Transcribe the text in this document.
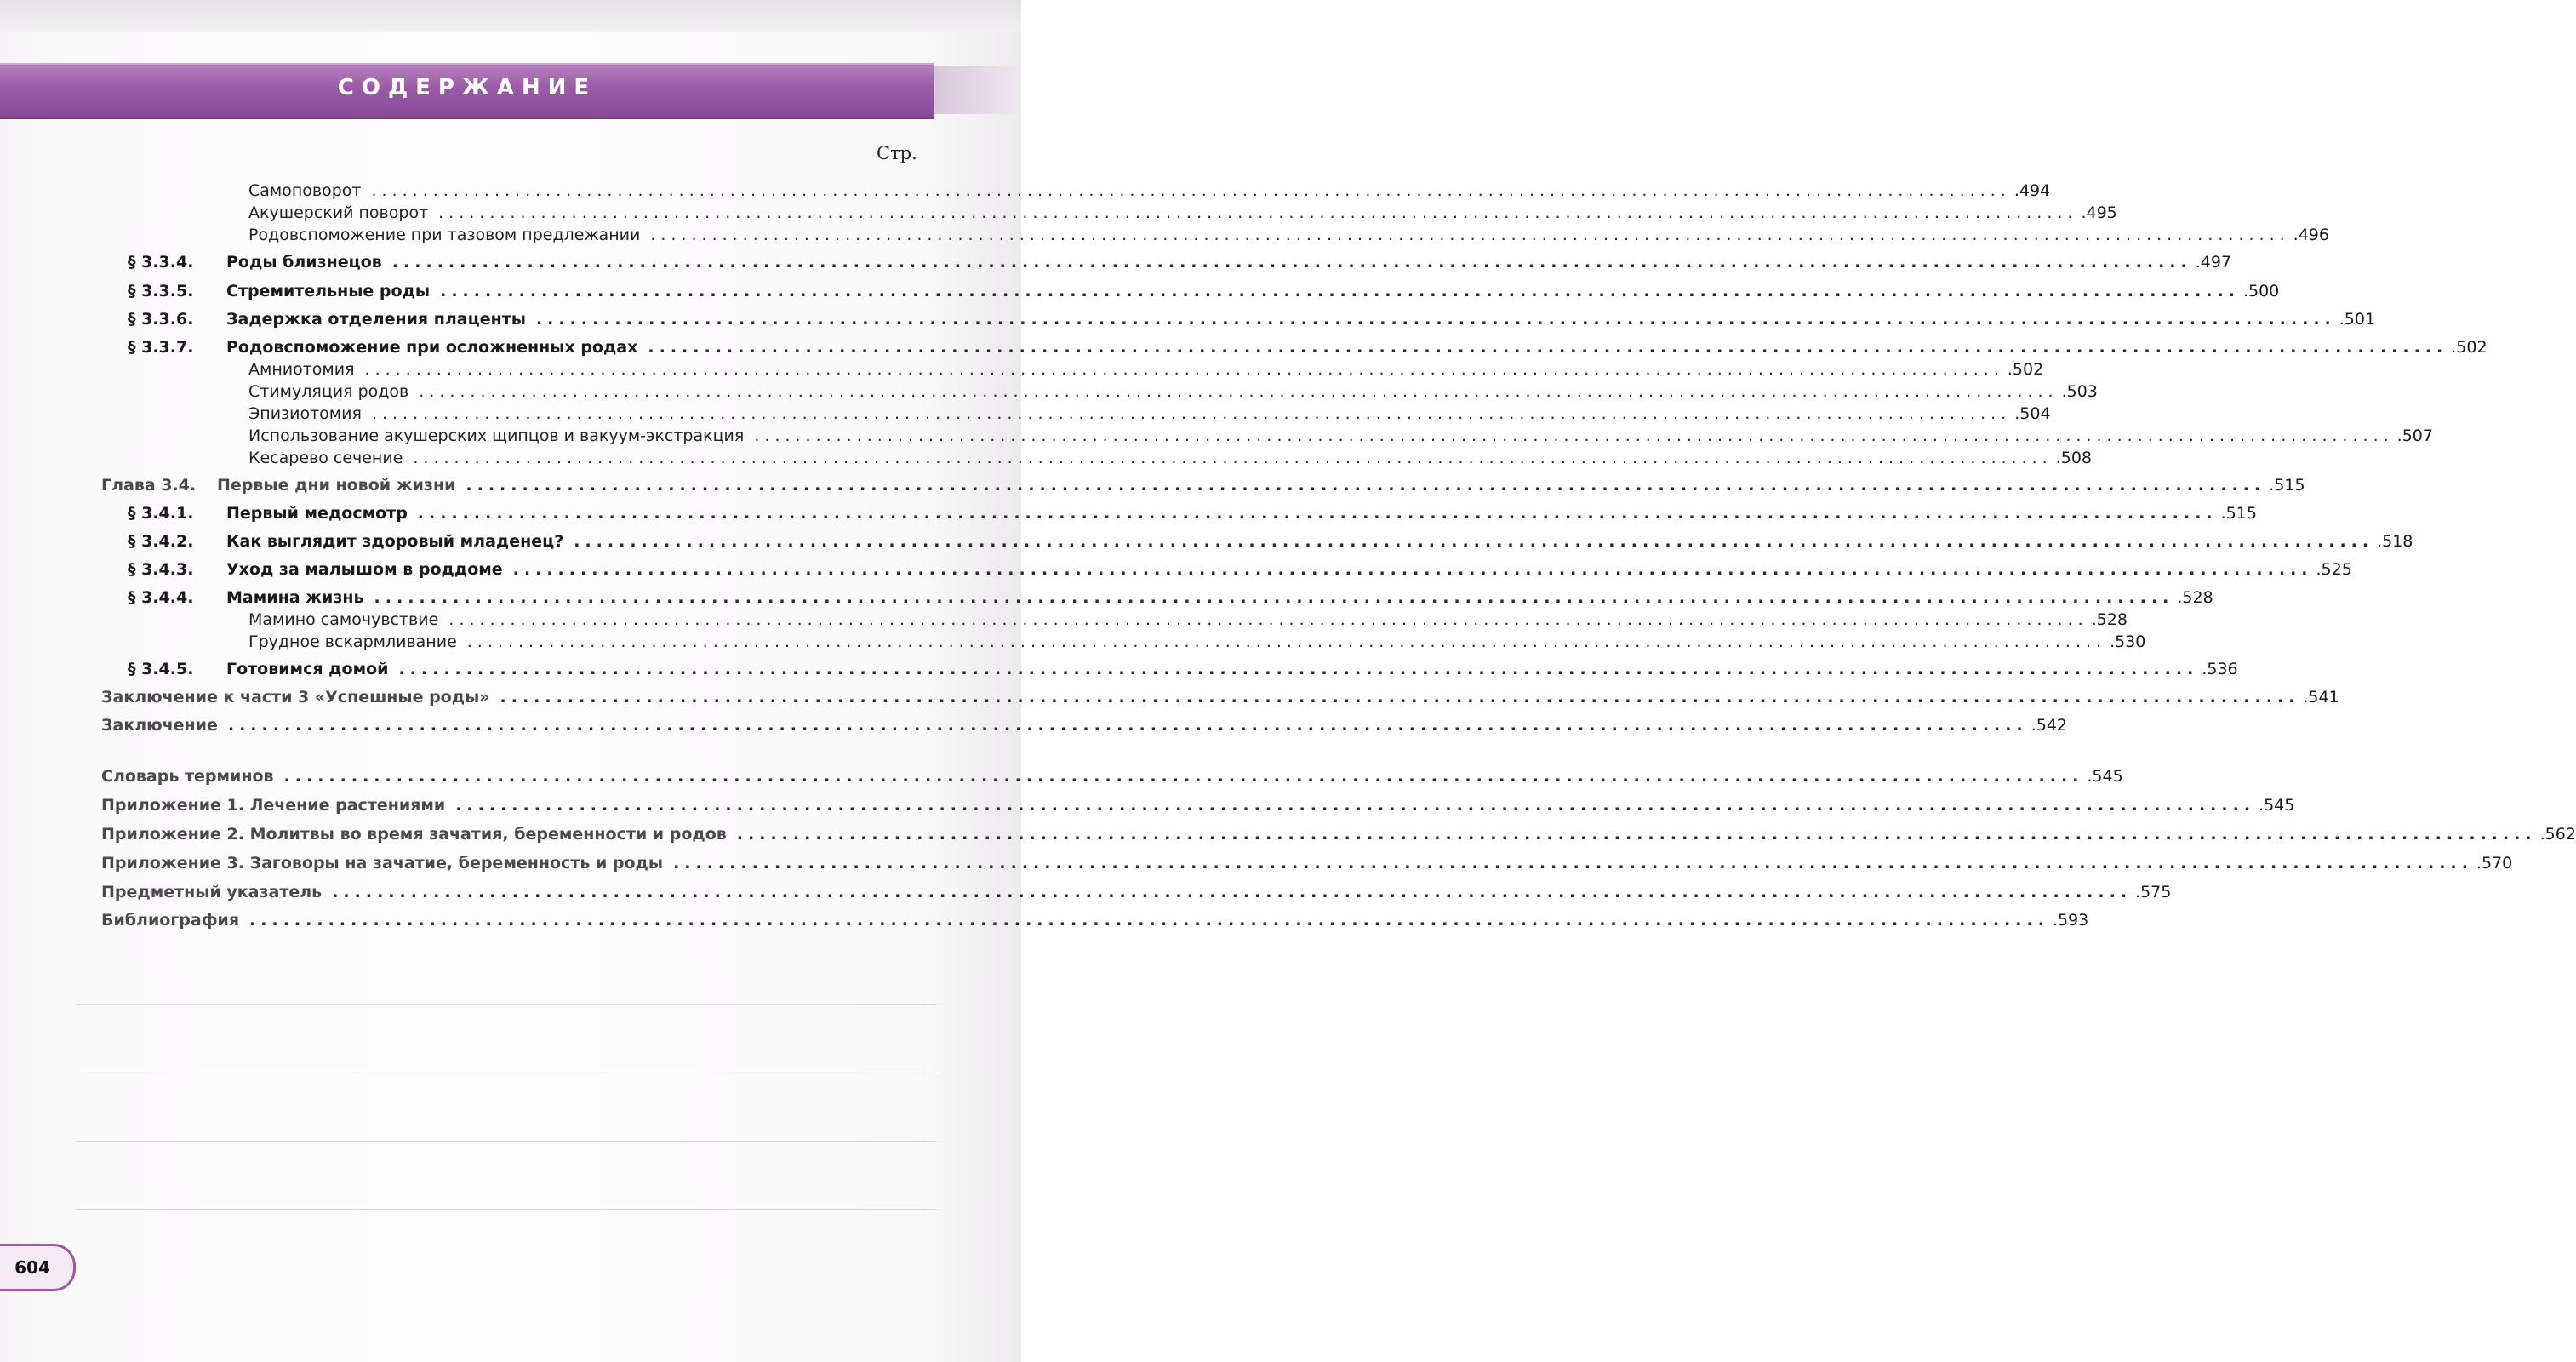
СОДЕРЖАНИЕ
Стр.
Самоповорот ................................................................................................................................................................ .494
Акушерский поворот ................................................................................................................................................................ .495
Родовспоможение при тазовом предлежании ................................................................................................................................................................ .496
§ 3.3.4.	Роды близнецов ................................................................................................................................................................ .497
§ 3.3.5.	Стремительные роды ................................................................................................................................................................ .500
§ 3.3.6.	Задержка отделения плаценты ................................................................................................................................................................ .501
§ 3.3.7.	Родовспоможение при осложненных родах ................................................................................................................................................................ .502
Амниотомия ................................................................................................................................................................ .502
Стимуляция родов ................................................................................................................................................................ .503
Эпизиотомия ................................................................................................................................................................ .504
Использование акушерских щипцов и вакуум-экстракция ................................................................................................................................................................ .507
Кесарево сечение ................................................................................................................................................................ .508
Глава 3.4.	Первые дни новой жизни ................................................................................................................................................................ .515
§ 3.4.1.	Первый медосмотр ................................................................................................................................................................ .515
§ 3.4.2.	Как выглядит здоровый младенец? ................................................................................................................................................................ .518
§ 3.4.3.	Уход за малышом в роддоме ................................................................................................................................................................ .525
§ 3.4.4.	Мамина жизнь ................................................................................................................................................................ .528
Мамино самочувствие ................................................................................................................................................................ .528
Грудное вскармливание ................................................................................................................................................................ .530
§ 3.4.5.	Готовимся домой ................................................................................................................................................................ .536
Заключение к части 3 «Успешные роды» ................................................................................................................................................................ .541
Заключение ................................................................................................................................................................ .542
Словарь терминов ................................................................................................................................................................ .545
Приложение 1. Лечение растениями ................................................................................................................................................................ .545
Приложение 2. Молитвы во время зачатия, беременности и родов ................................................................................................................................................................ .562
Приложение 3. Заговоры на зачатие, беременность и роды ................................................................................................................................................................ .570
Предметный указатель ................................................................................................................................................................ .575
Библиография ................................................................................................................................................................ .593
604
